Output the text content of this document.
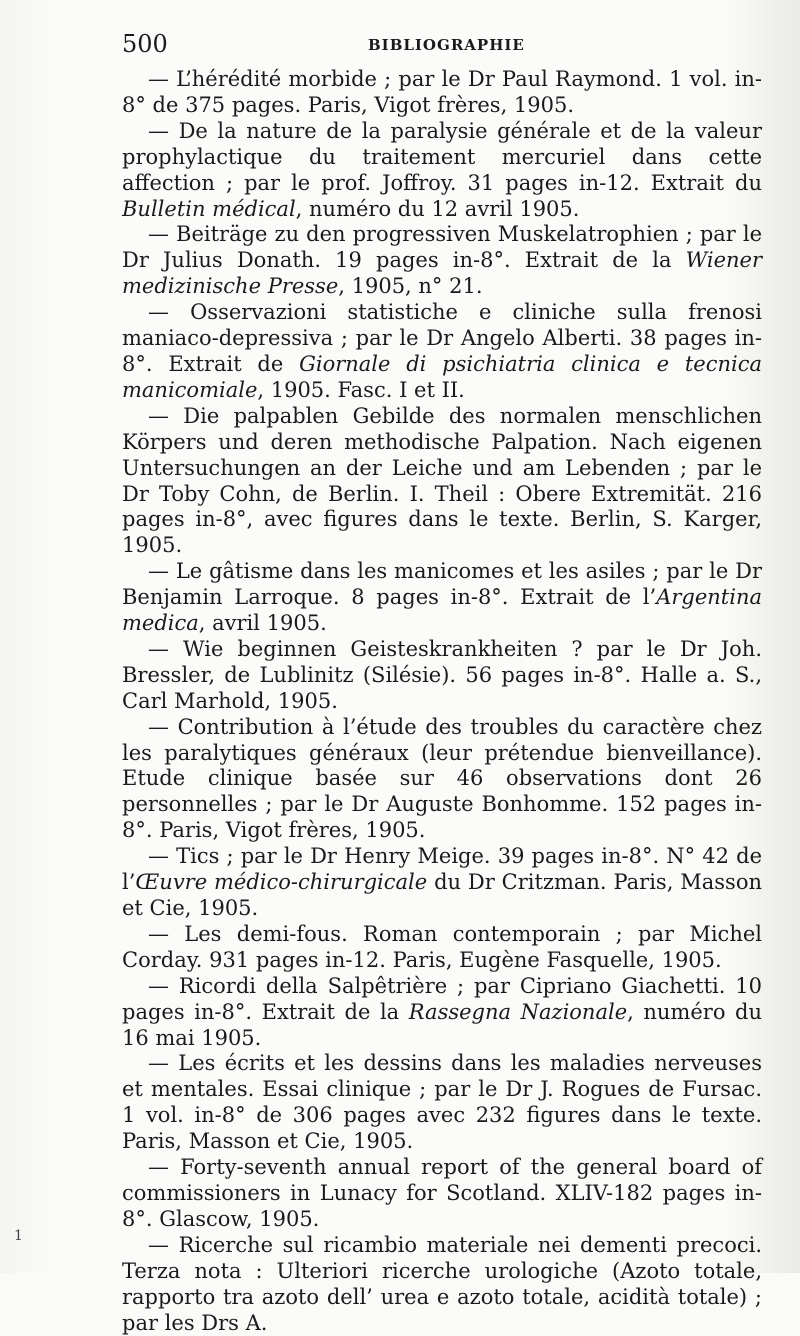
500	BIBLIOGRAPHIE

— L’hérédité morbide ; par le Dr Paul Raymond. 1 vol. in-8° de 375 pages. Paris, Vigot frères, 1905.

— De la nature de la paralysie générale et de la valeur prophylactique du traitement mercuriel dans cette affection ; par le prof. Joffroy. 31 pages in-12. Extrait du Bulletin médical, numéro du 12 avril 1905.

— Beiträge zu den progressiven Muskelatrophien ; par le Dr Julius Donath. 19 pages in-8°. Extrait de la Wiener medizinische Presse, 1905, n° 21.

— Osservazioni statistiche e cliniche sulla frenosi maniaco-depressiva ; par le Dr Angelo Alberti. 38 pages in-8°. Extrait de Giornale di psichiatria clinica e tecnica manicomiale, 1905. Fasc. I et II.

— Die palpablen Gebilde des normalen menschlichen Körpers und deren methodische Palpation. Nach eigenen Untersuchungen an der Leiche und am Lebenden ; par le Dr Toby Cohn, de Berlin. I. Theil : Obere Extremität. 216 pages in-8°, avec figures dans le texte. Berlin, S. Karger, 1905.

— Le gâtisme dans les manicomes et les asiles ; par le Dr Benjamin Larroque. 8 pages in-8°. Extrait de l’Argentina medica, avril 1905.

— Wie beginnen Geisteskrankheiten ? par le Dr Joh. Bressler, de Lublinitz (Silésie). 56 pages in-8°. Halle a. S., Carl Marhold, 1905.

— Contribution à l’étude des troubles du caractère chez les paralytiques généraux (leur prétendue bienveillance). Etude clinique basée sur 46 observations dont 26 personnelles ; par le Dr Auguste Bonhomme. 152 pages in-8°. Paris, Vigot frères, 1905.

— Tics ; par le Dr Henry Meige. 39 pages in-8°. N° 42 de l’Œuvre médico-chirurgicale du Dr Critzman. Paris, Masson et Cie, 1905.

— Les demi-fous. Roman contemporain ; par Michel Corday. 931 pages in-12. Paris, Eugène Fasquelle, 1905.

— Ricordi della Salpêtrière ; par Cipriano Giachetti. 10 pages in-8°. Extrait de la Rassegna Nazionale, numéro du 16 mai 1905.

— Les écrits et les dessins dans les maladies nerveuses et mentales. Essai clinique ; par le Dr J. Rogues de Fursac. 1 vol. in-8° de 306 pages avec 232 figures dans le texte. Paris, Masson et Cie, 1905.

— Forty-seventh annual report of the general board of commissioners in Lunacy for Scotland. XLIV-182 pages in-8°. Glascow, 1905.

— Ricerche sul ricambio materiale nei dementi precoci. Terza nota : Ulteriori ricerche urologiche (Azoto totale, rapporto tra azoto dell’ urea e azoto totale, acidità totale) ; par les Drs A.

1
